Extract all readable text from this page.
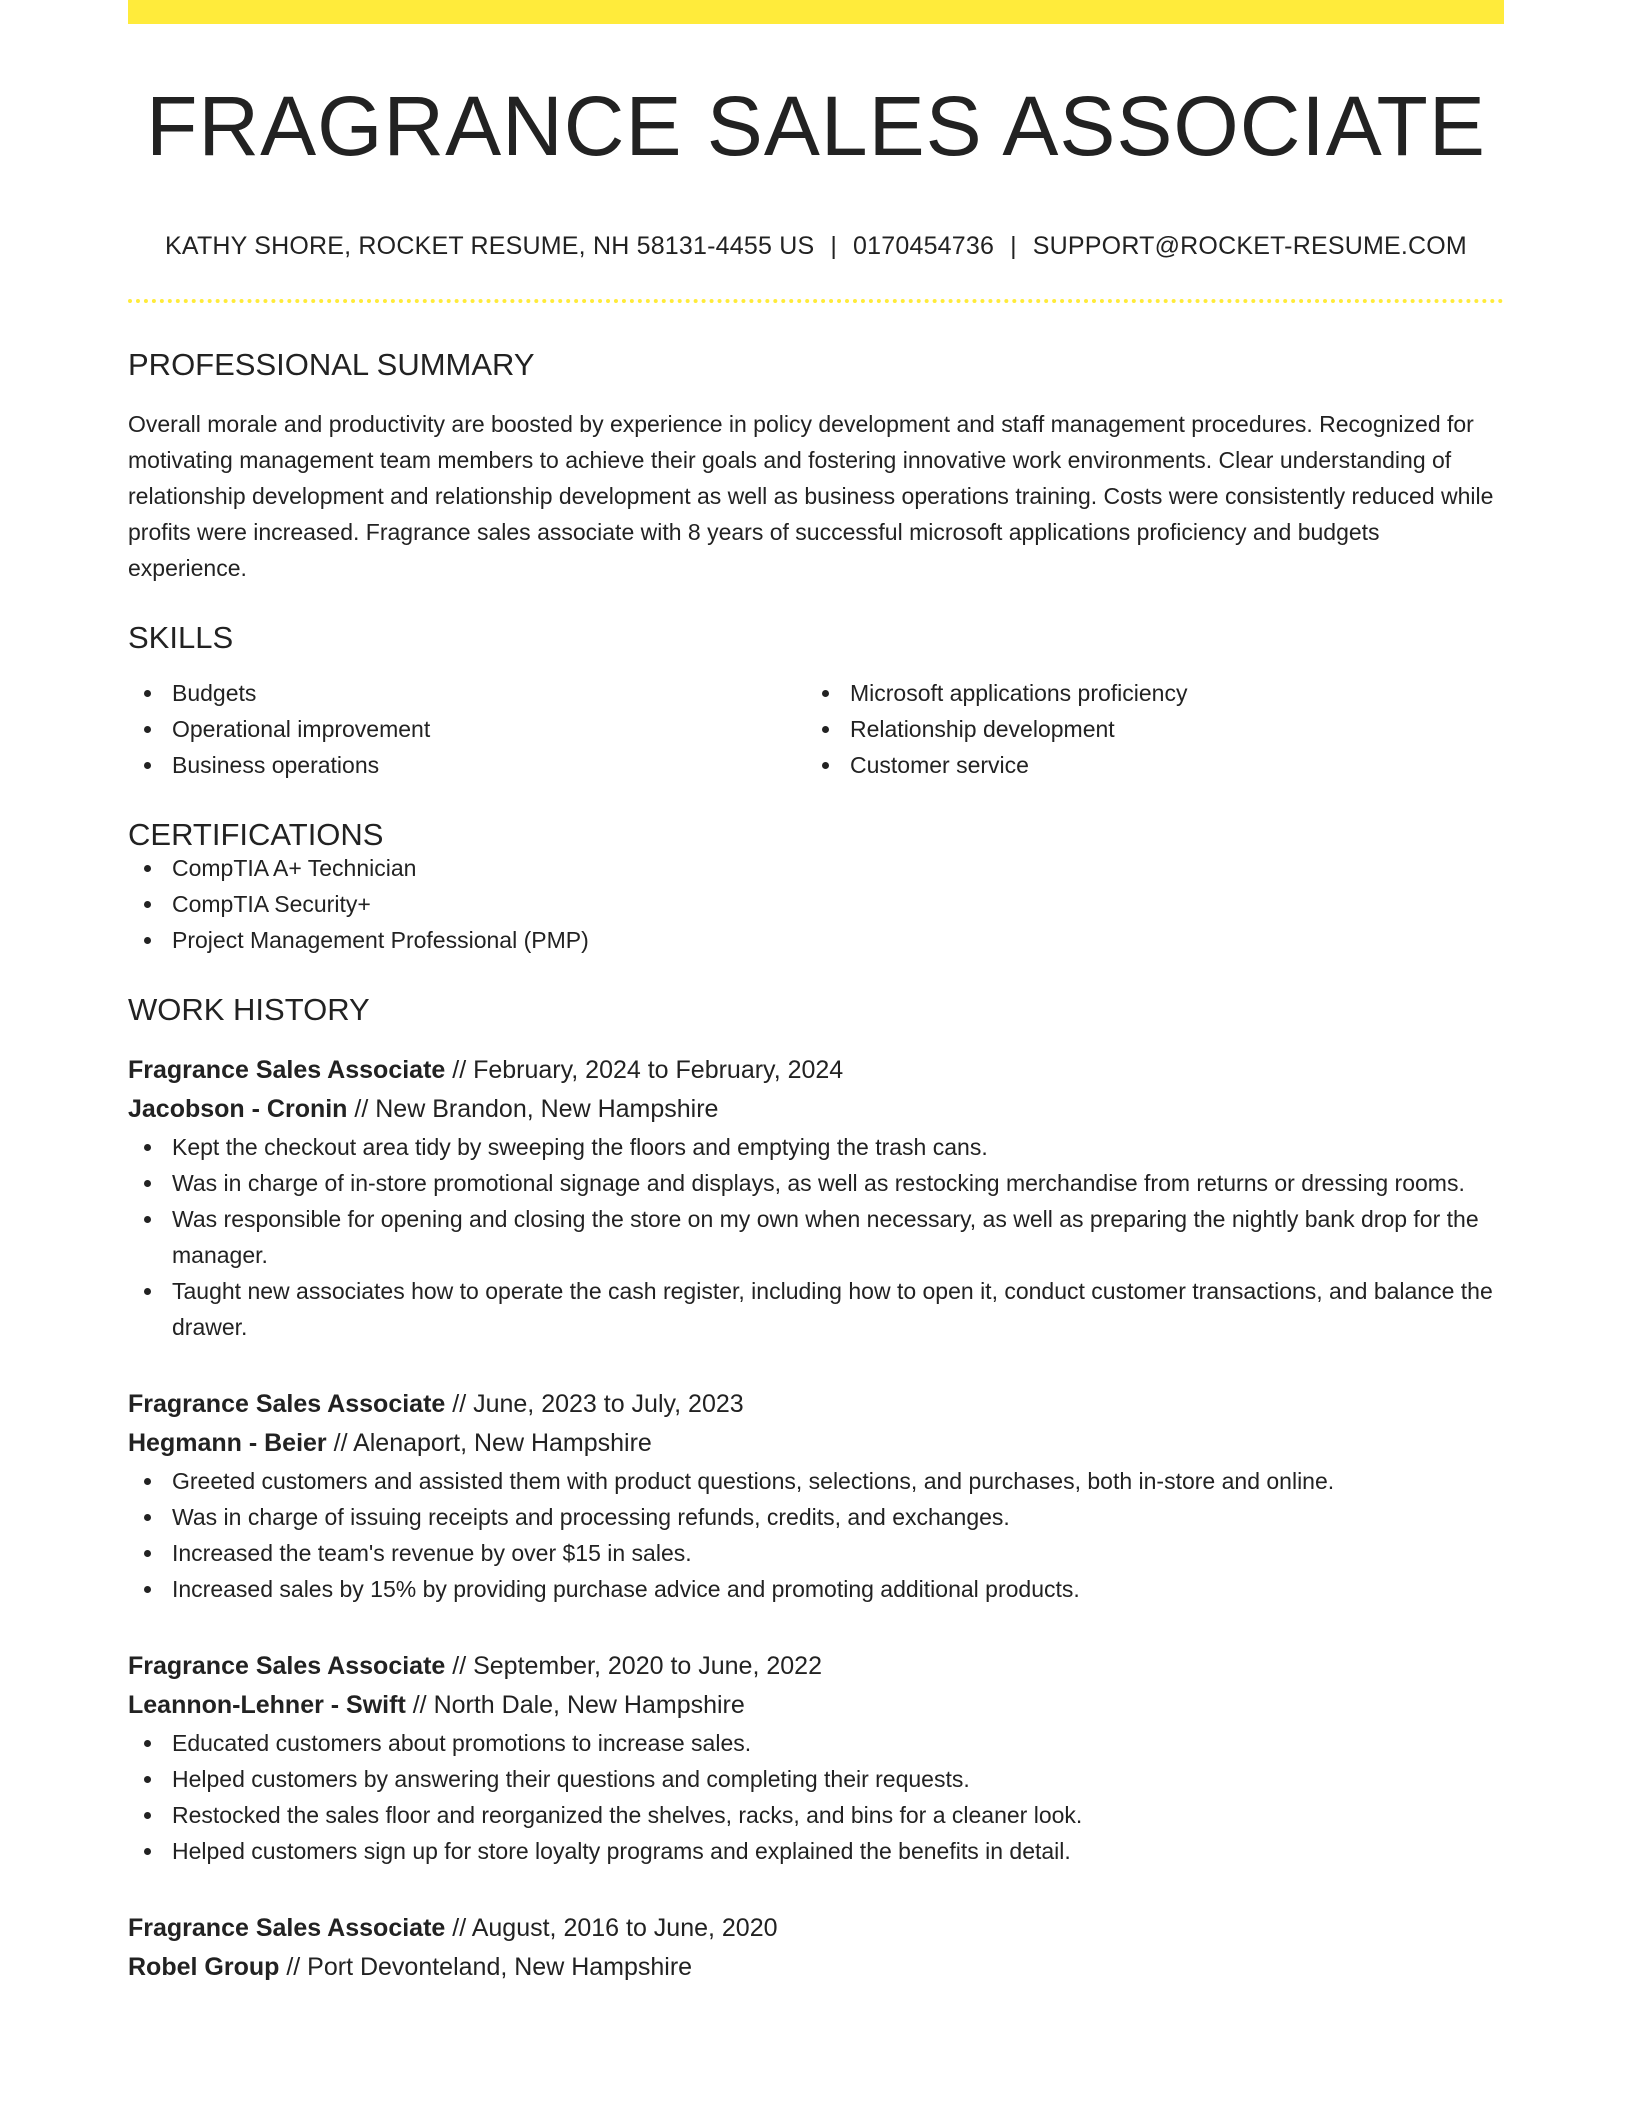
FRAGRANCE SALES ASSOCIATE
KATHY SHORE, ROCKET RESUME, NH 58131-4455 US | 0170454736 | SUPPORT@ROCKET-RESUME.COM
PROFESSIONAL SUMMARY
Overall morale and productivity are boosted by experience in policy development and staff management procedures. Recognized for motivating management team members to achieve their goals and fostering innovative work environments. Clear understanding of relationship development and relationship development as well as business operations training. Costs were consistently reduced while profits were increased. Fragrance sales associate with 8 years of successful microsoft applications proficiency and budgets experience.
SKILLS
Budgets
Operational improvement
Business operations
Microsoft applications proficiency
Relationship development
Customer service
CERTIFICATIONS
CompTIA A+ Technician
CompTIA Security+
Project Management Professional (PMP)
WORK HISTORY
Fragrance Sales Associate // February, 2024 to February, 2024
Jacobson - Cronin // New Brandon, New Hampshire
Kept the checkout area tidy by sweeping the floors and emptying the trash cans.
Was in charge of in-store promotional signage and displays, as well as restocking merchandise from returns or dressing rooms.
Was responsible for opening and closing the store on my own when necessary, as well as preparing the nightly bank drop for the manager.
Taught new associates how to operate the cash register, including how to open it, conduct customer transactions, and balance the drawer.
Fragrance Sales Associate // June, 2023 to July, 2023
Hegmann - Beier // Alenaport, New Hampshire
Greeted customers and assisted them with product questions, selections, and purchases, both in-store and online.
Was in charge of issuing receipts and processing refunds, credits, and exchanges.
Increased the team's revenue by over $15 in sales.
Increased sales by 15% by providing purchase advice and promoting additional products.
Fragrance Sales Associate // September, 2020 to June, 2022
Leannon-Lehner - Swift // North Dale, New Hampshire
Educated customers about promotions to increase sales.
Helped customers by answering their questions and completing their requests.
Restocked the sales floor and reorganized the shelves, racks, and bins for a cleaner look.
Helped customers sign up for store loyalty programs and explained the benefits in detail.
Fragrance Sales Associate // August, 2016 to June, 2020
Robel Group // Port Devonteland, New Hampshire
